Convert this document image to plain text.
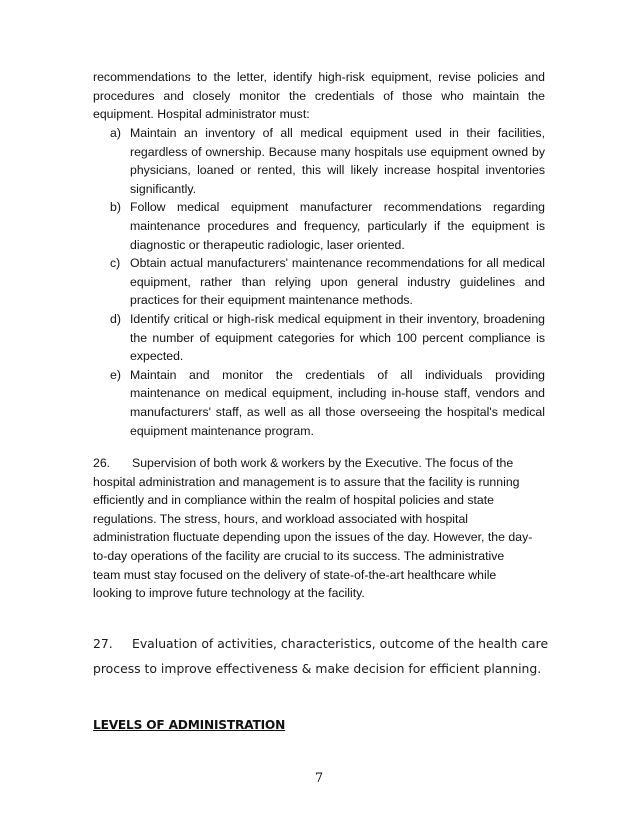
recommendations to the letter, identify high-risk equipment, revise policies and procedures and closely monitor the credentials of those who maintain the equipment. Hospital administrator must:

a) Maintain an inventory of all medical equipment used in their facilities, regardless of ownership. Because many hospitals use equipment owned by physicians, loaned or rented, this will likely increase hospital inventories significantly.
b) Follow medical equipment manufacturer recommendations regarding maintenance procedures and frequency, particularly if the equipment is diagnostic or therapeutic radiologic, laser oriented.
c) Obtain actual manufacturers' maintenance recommendations for all medical equipment, rather than relying upon general industry guidelines and practices for their equipment maintenance methods.
d) Identify critical or high-risk medical equipment in their inventory, broadening the number of equipment categories for which 100 percent compliance is expected.
e) Maintain and monitor the credentials of all individuals providing maintenance on medical equipment, including in-house staff, vendors and manufacturers' staff, as well as all those overseeing the hospital's medical equipment maintenance program.

26. Supervision of both work & workers by the Executive. The focus of the hospital administration and management is to assure that the facility is running efficiently and in compliance within the realm of hospital policies and state regulations. The stress, hours, and workload associated with hospital administration fluctuate depending upon the issues of the day. However, the day-to-day operations of the facility are crucial to its success. The administrative team must stay focused on the delivery of state-of-the-art healthcare while looking to improve future technology at the facility.

27. Evaluation of activities, characteristics, outcome of the health care process to improve effectiveness & make decision for efficient planning.

LEVELS OF ADMINISTRATION
7
